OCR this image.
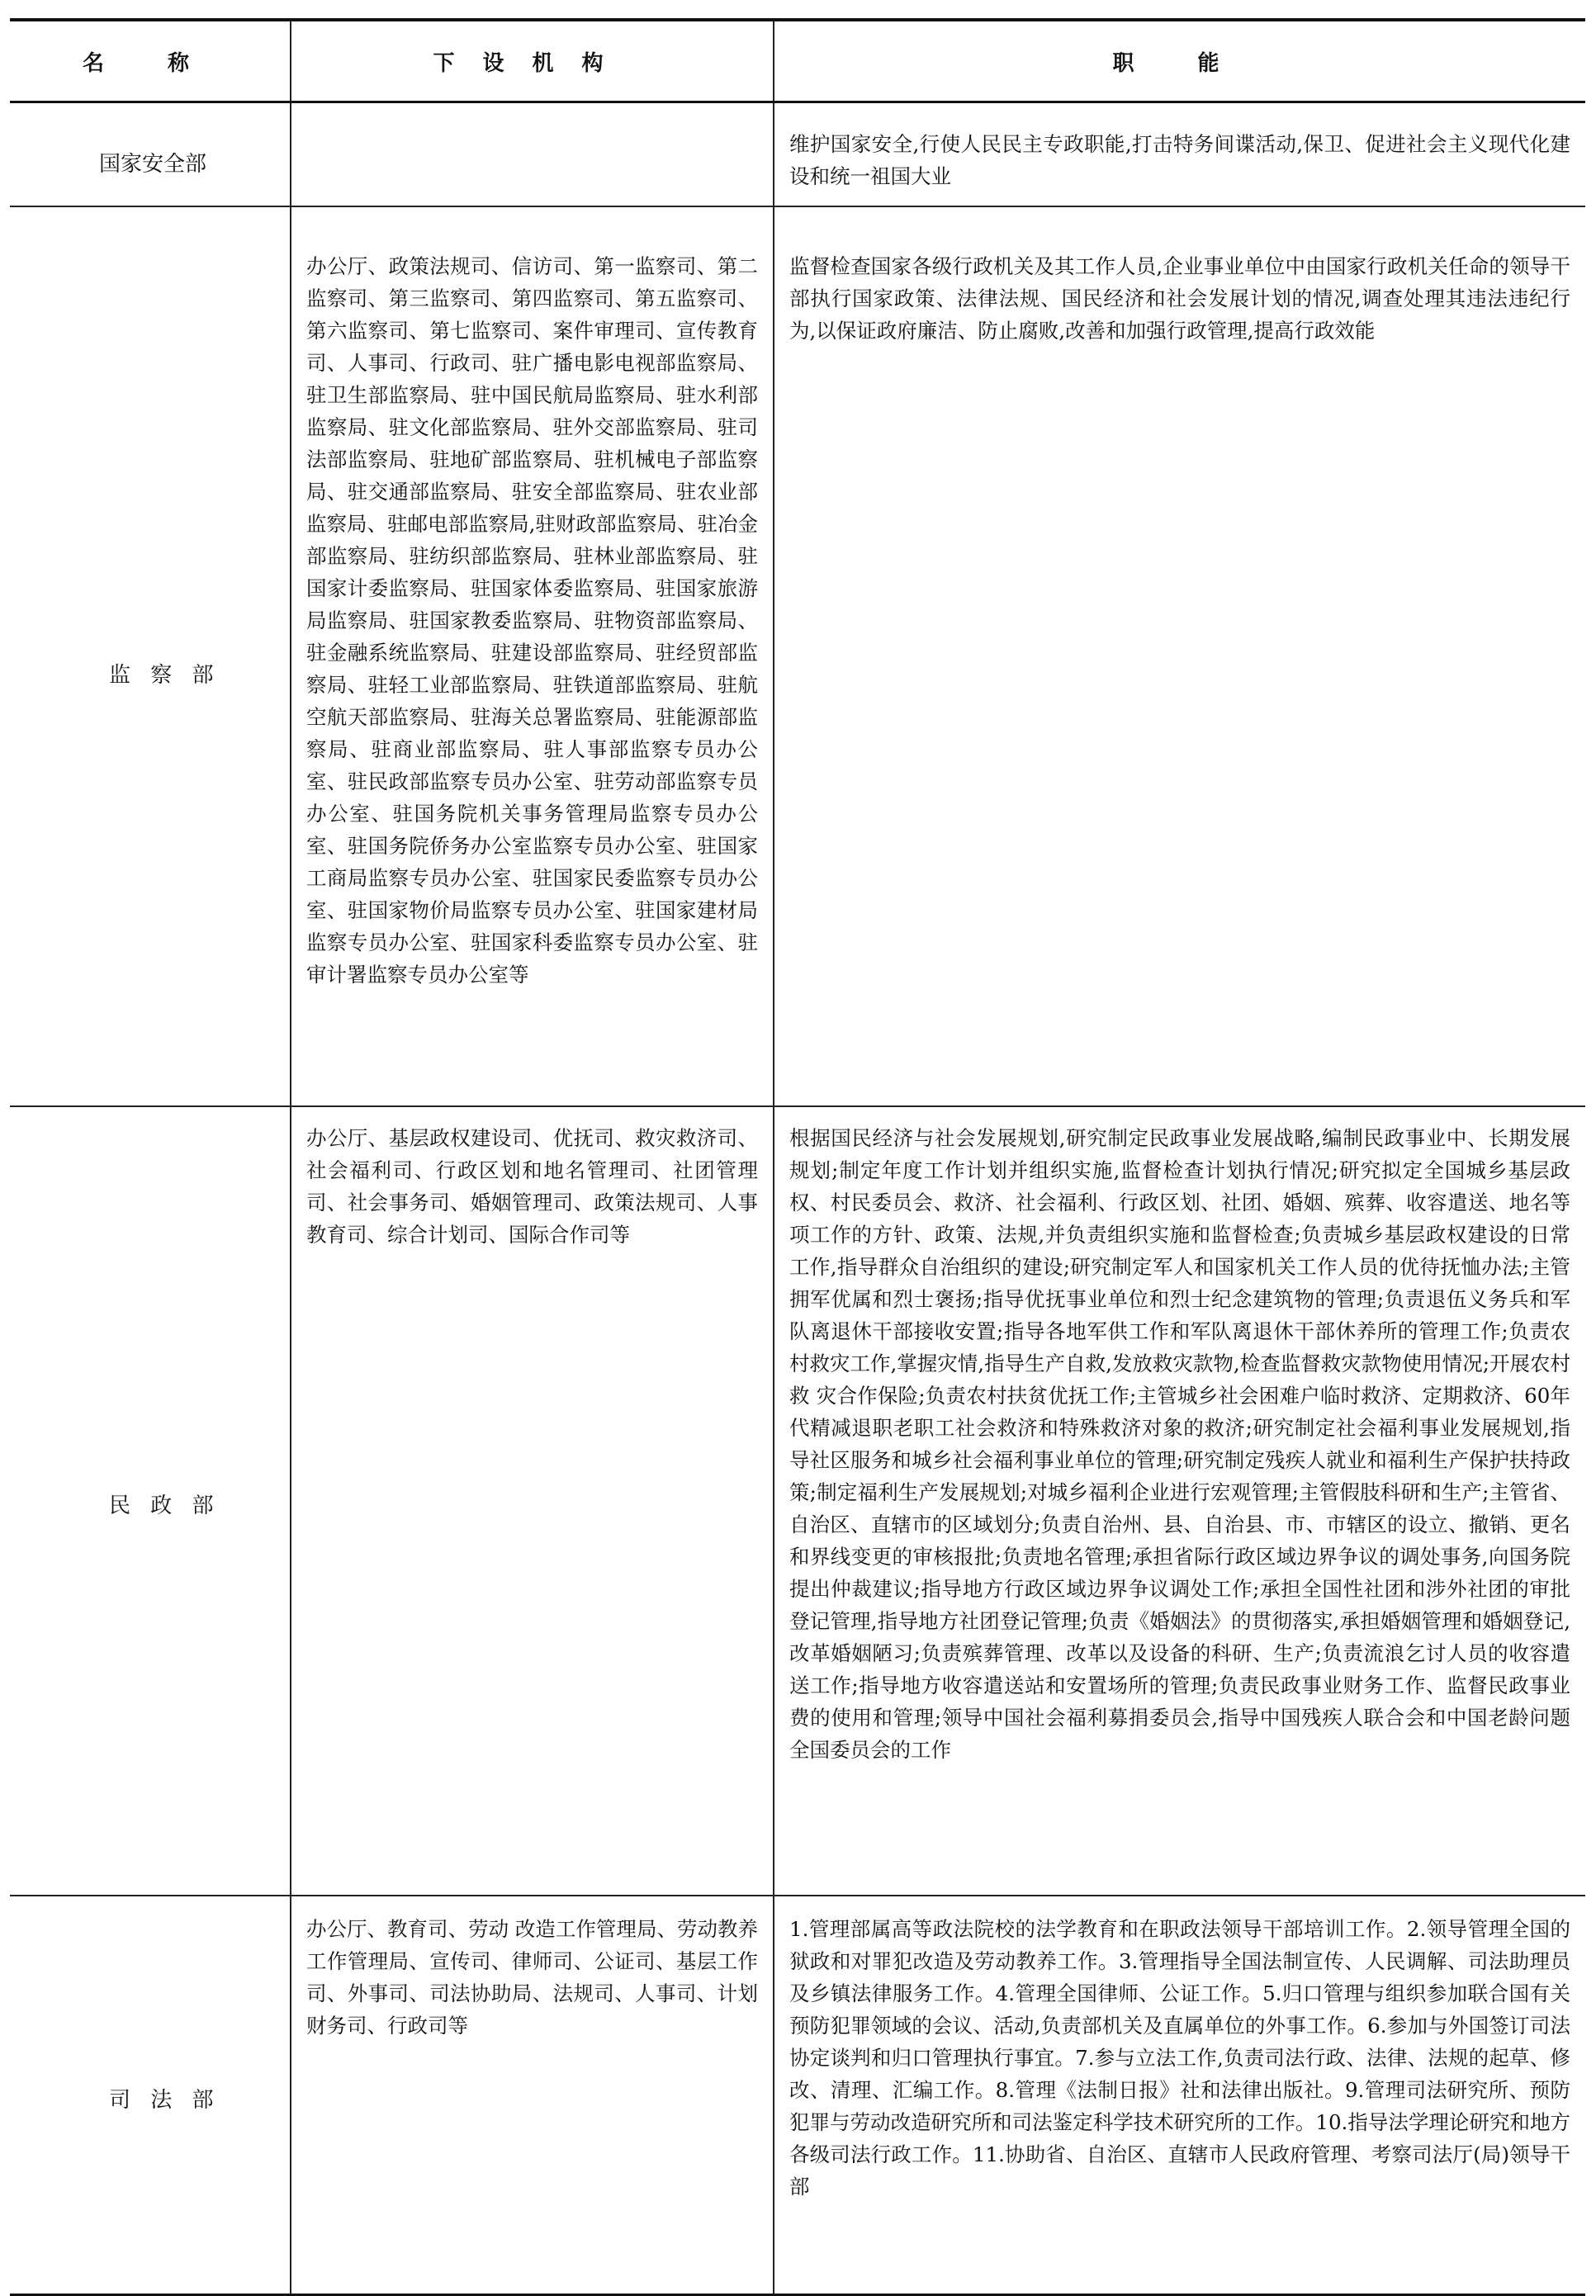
名 称	下设机构	职 能
国家安全部		维护国家安全,行使人民民主专政职能,打击特务间谍活动,保卫、促进社会主义现代化建设和统一祖国大业
监 察 部	办公厅、政策法规司、信访司、第一监察司、第二监察司、第三监察司、第四监察司、第五监察司、第六监察司、第七监察司、案件审理司、宣传教育司、人事司、行政司、驻广播电影电视部监察局、驻卫生部监察局、驻中国民航局监察局、驻水利部监察局、驻文化部监察局、驻外交部监察局、驻司法部监察局、驻地矿部监察局、驻机械电子部监察局、驻交通部监察局、驻安全部监察局、驻农业部监察局、驻邮电部监察局,驻财政部监察局、驻冶金部监察局、驻纺织部监察局、驻林业部监察局、驻国家计委监察局、驻国家体委监察局、驻国家旅游局监察局、驻国家教委监察局、驻物资部监察局、驻金融系统监察局、驻建设部监察局、驻经贸部监察局、驻轻工业部监察局、驻铁道部监察局、驻航空航天部监察局、驻海关总署监察局、驻能源部监察局、驻商业部监察局、驻人事部监察专员办公室、驻民政部监察专员办公室、驻劳动部监察专员办公室、驻国务院机关事务管理局监察专员办公室、驻国务院侨务办公室监察专员办公室、驻国家工商局监察专员办公室、驻国家民委监察专员办公室、驻国家物价局监察专员办公室、驻国家建材局监察专员办公室、驻国家科委监察专员办公室、驻审计署监察专员办公室等	监督检查国家各级行政机关及其工作人员,企业事业单位中由国家行政机关任命的领导干部执行国家政策、法律法规、国民经济和社会发展计划的情况,调查处理其违法违纪行为,以保证政府廉洁、防止腐败,改善和加强行政管理,提高行政效能
民 政 部	办公厅、基层政权建设司、优抚司、救灾救济司、社会福利司、行政区划和地名管理司、社团管理司、社会事务司、婚姻管理司、政策法规司、人事教育司、综合计划司、国际合作司等	根据国民经济与社会发展规划,研究制定民政事业发展战略,编制民政事业中、长期发展规划;制定年度工作计划并组织实施,监督检查计划执行情况;研究拟定全国城乡基层政权、村民委员会、救济、社会福利、行政区划、社团、婚姻、殡葬、收容遣送、地名等项工作的方针、政策、法规,并负责组织实施和监督检查;负责城乡基层政权建设的日常工作,指导群众自治组织的建设;研究制定军人和国家机关工作人员的优待抚恤办法;主管拥军优属和烈士褒扬;指导优抚事业单位和烈士纪念建筑物的管理;负责退伍义务兵和军队离退休干部接收安置;指导各地军供工作和军队离退休干部休养所的管理工作;负责农村救灾工作,掌握灾情,指导生产自救,发放救灾款物,检查监督救灾款物使用情况;开展农村救 灾合作保险;负责农村扶贫优抚工作;主管城乡社会困难户临时救济、定期救济、60年代精减退职老职工社会救济和特殊救济对象的救济;研究制定社会福利事业发展规划,指导社区服务和城乡社会福利事业单位的管理;研究制定残疾人就业和福利生产保护扶持政策;制定福利生产发展规划;对城乡福利企业进行宏观管理;主管假肢科研和生产;主管省、自治区、直辖市的区域划分;负责自治州、县、自治县、市、市辖区的设立、撤销、更名和界线变更的审核报批;负责地名管理;承担省际行政区域边界争议的调处事务,向国务院提出仲裁建议;指导地方行政区域边界争议调处工作;承担全国性社团和涉外社团的审批登记管理,指导地方社团登记管理;负责《婚姻法》的贯彻落实,承担婚姻管理和婚姻登记,改革婚姻陋习;负责殡葬管理、改革以及设备的科研、生产;负责流浪乞讨人员的收容遣送工作;指导地方收容遣送站和安置场所的管理;负责民政事业财务工作、监督民政事业费的使用和管理;领导中国社会福利募捐委员会,指导中国残疾人联合会和中国老龄问题全国委员会的工作
司 法 部	办公厅、教育司、劳动 改造工作管理局、劳动教养工作管理局、宣传司、律师司、公证司、基层工作司、外事司、司法协助局、法规司、人事司、计划财务司、行政司等	1.管理部属高等政法院校的法学教育和在职政法领导干部培训工作。2.领导管理全国的狱政和对罪犯改造及劳动教养工作。3.管理指导全国法制宣传、人民调解、司法助理员及乡镇法律服务工作。4.管理全国律师、公证工作。5.归口管理与组织参加联合国有关预防犯罪领域的会议、活动,负责部机关及直属单位的外事工作。6.参加与外国签订司法协定谈判和归口管理执行事宜。7.参与立法工作,负责司法行政、法律、法规的起草、修改、清理、汇编工作。8.管理《法制日报》社和法律出版社。9.管理司法研究所、预防犯罪与劳动改造研究所和司法鉴定科学技术研究所的工作。10.指导法学理论研究和地方各级司法行政工作。11.协助省、自治区、直辖市人民政府管理、考察司法厅(局)领导干部
